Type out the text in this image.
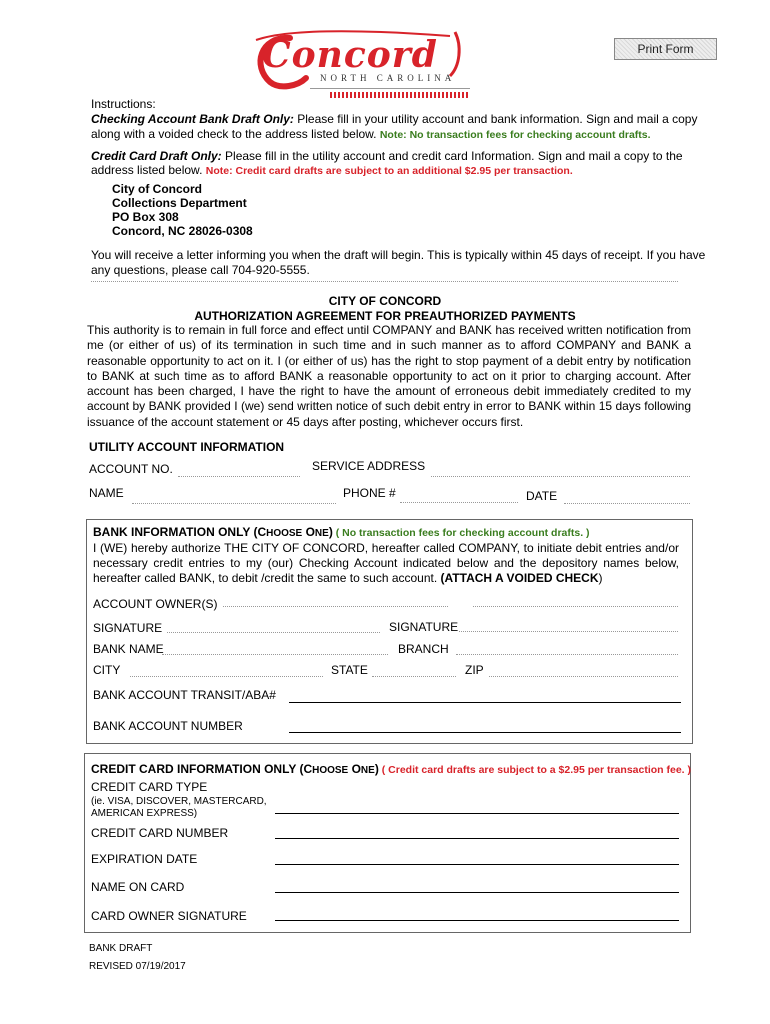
Concord
NORTH CAROLINA
Print Form
Instructions:
Checking Account Bank Draft Only: Please fill in your utility account and bank information. Sign and mail a copy
along with a voided check to the address listed below. Note: No transaction fees for checking account drafts.
Credit Card Draft Only: Please fill in the utility account and credit card Information. Sign and mail a copy to the
address listed below. Note: Credit card drafts are subject to an additional $2.95 per transaction.
City of Concord
Collections Department
PO Box 308
Concord, NC 28026-0308
You will receive a letter informing you when the draft will begin. This is typically within 45 days of receipt. If you have
any questions, please call 704-920-5555.
CITY OF CONCORD
AUTHORIZATION AGREEMENT FOR PREAUTHORIZED PAYMENTS
This authority is to remain in full force and effect until COMPANY and BANK has received written notification from me (or either of us) of its termination in such time and in such manner as to afford COMPANY and BANK a reasonable opportunity to act on it. I (or either of us) has the right to stop payment of a debit entry by notification to BANK at such time as to afford BANK a reasonable opportunity to act on it prior to charging account. After account has been charged, I have the right to have the amount of erroneous debit immediately credited to my account by BANK provided I (we) send written notice of such debit entry in error to BANK within 15 days following issuance of the account statement or 45 days after posting, whichever occurs first.
UTILITY ACCOUNT INFORMATION
ACCOUNT NO.	SERVICE ADDRESS
NAME	PHONE #	DATE
BANK INFORMATION ONLY (CHOOSE ONE) ( No transaction fees for checking account drafts. )
I (WE) hereby authorize THE CITY OF CONCORD, hereafter called COMPANY, to initiate debit entries and/or necessary credit entries to my (our) Checking Account indicated below and the depository names below, hereafter called BANK, to debit /credit the same to such account. (ATTACH A VOIDED CHECK)
ACCOUNT OWNER(S)
SIGNATURE	SIGNATURE
BANK NAME	BRANCH
CITY	STATE	ZIP
BANK ACCOUNT TRANSIT/ABA#
BANK ACCOUNT NUMBER
CREDIT CARD INFORMATION ONLY (CHOOSE ONE) ( Credit card drafts are subject to a $2.95 per transaction fee. )
CREDIT CARD TYPE
(ie. VISA, DISCOVER, MASTERCARD,
AMERICAN EXPRESS)
CREDIT CARD NUMBER
EXPIRATION DATE
NAME ON CARD
CARD OWNER SIGNATURE
BANK DRAFT
REVISED 07/19/2017
